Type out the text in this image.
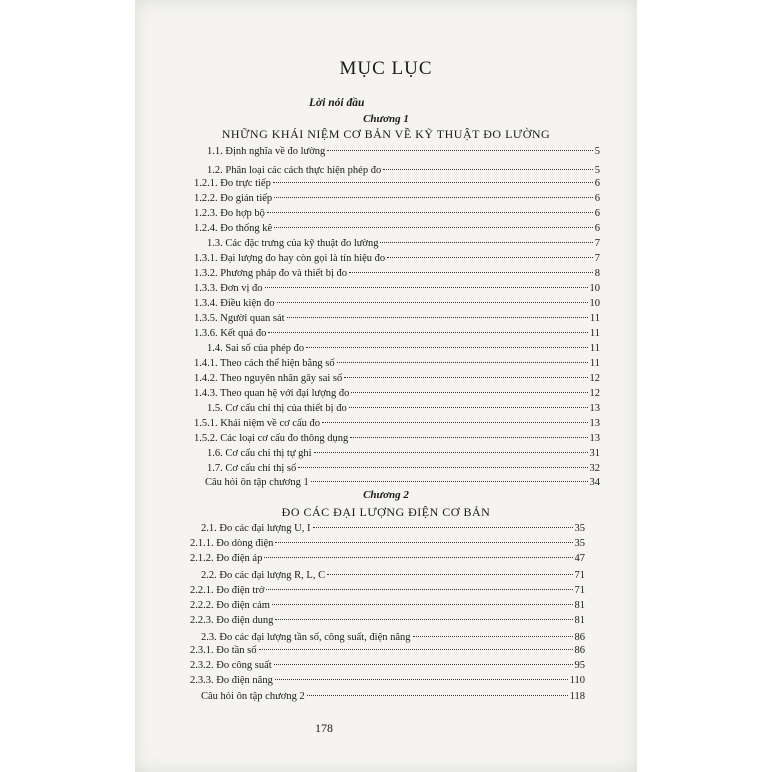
MỤC LỤC
Lời nói đầu
Chương 1
NHỮNG KHÁI NIỆM CƠ BẢN VỀ KỸ THUẬT ĐO LƯỜNG
1.1. Định nghĩa về đo lường	5
1.2. Phân loại các cách thực hiện phép đo	5
1.2.1. Đo trực tiếp	6
1.2.2. Đo gián tiếp	6
1.2.3. Đo hợp bộ	6
1.2.4. Đo thống kê	6
1.3. Các đặc trưng của kỹ thuật đo lường	7
1.3.1. Đại lượng đo hay còn gọi là tín hiệu đo	7
1.3.2. Phương pháp đo và thiết bị đo	8
1.3.3. Đơn vị đo	10
1.3.4. Điều kiện đo	10
1.3.5. Người quan sát	11
1.3.6. Kết quả đo	11
1.4. Sai số của phép đo	11
1.4.1. Theo cách thể hiện bằng số	11
1.4.2. Theo nguyên nhân gây sai số	12
1.4.3. Theo quan hệ với đại lượng đo	12
1.5. Cơ cấu chỉ thị của thiết bị đo	13
1.5.1. Khái niệm về cơ cấu đo	13
1.5.2. Các loại cơ cấu đo thông dụng	13
1.6. Cơ cấu chỉ thị tự ghi	31
1.7. Cơ cấu chỉ thị số	32
Câu hỏi ôn tập chương 1	34
Chương 2
ĐO CÁC ĐẠI LƯỢNG ĐIỆN CƠ BẢN
2.1. Đo các đại lượng U, I	35
2.1.1. Đo dòng điện	35
2.1.2. Đo điện áp	47
2.2. Đo các đại lượng R, L, C	71
2.2.1. Đo điện trở	71
2.2.2. Đo điện cảm	81
2.2.3. Đo điện dung	81
2.3. Đo các đại lượng tần số, công suất, điện năng	86
2.3.1. Đo tần số	86
2.3.2. Đo công suất	95
2.3.3. Đo điện năng	110
Câu hỏi ôn tập chương 2	118
178
